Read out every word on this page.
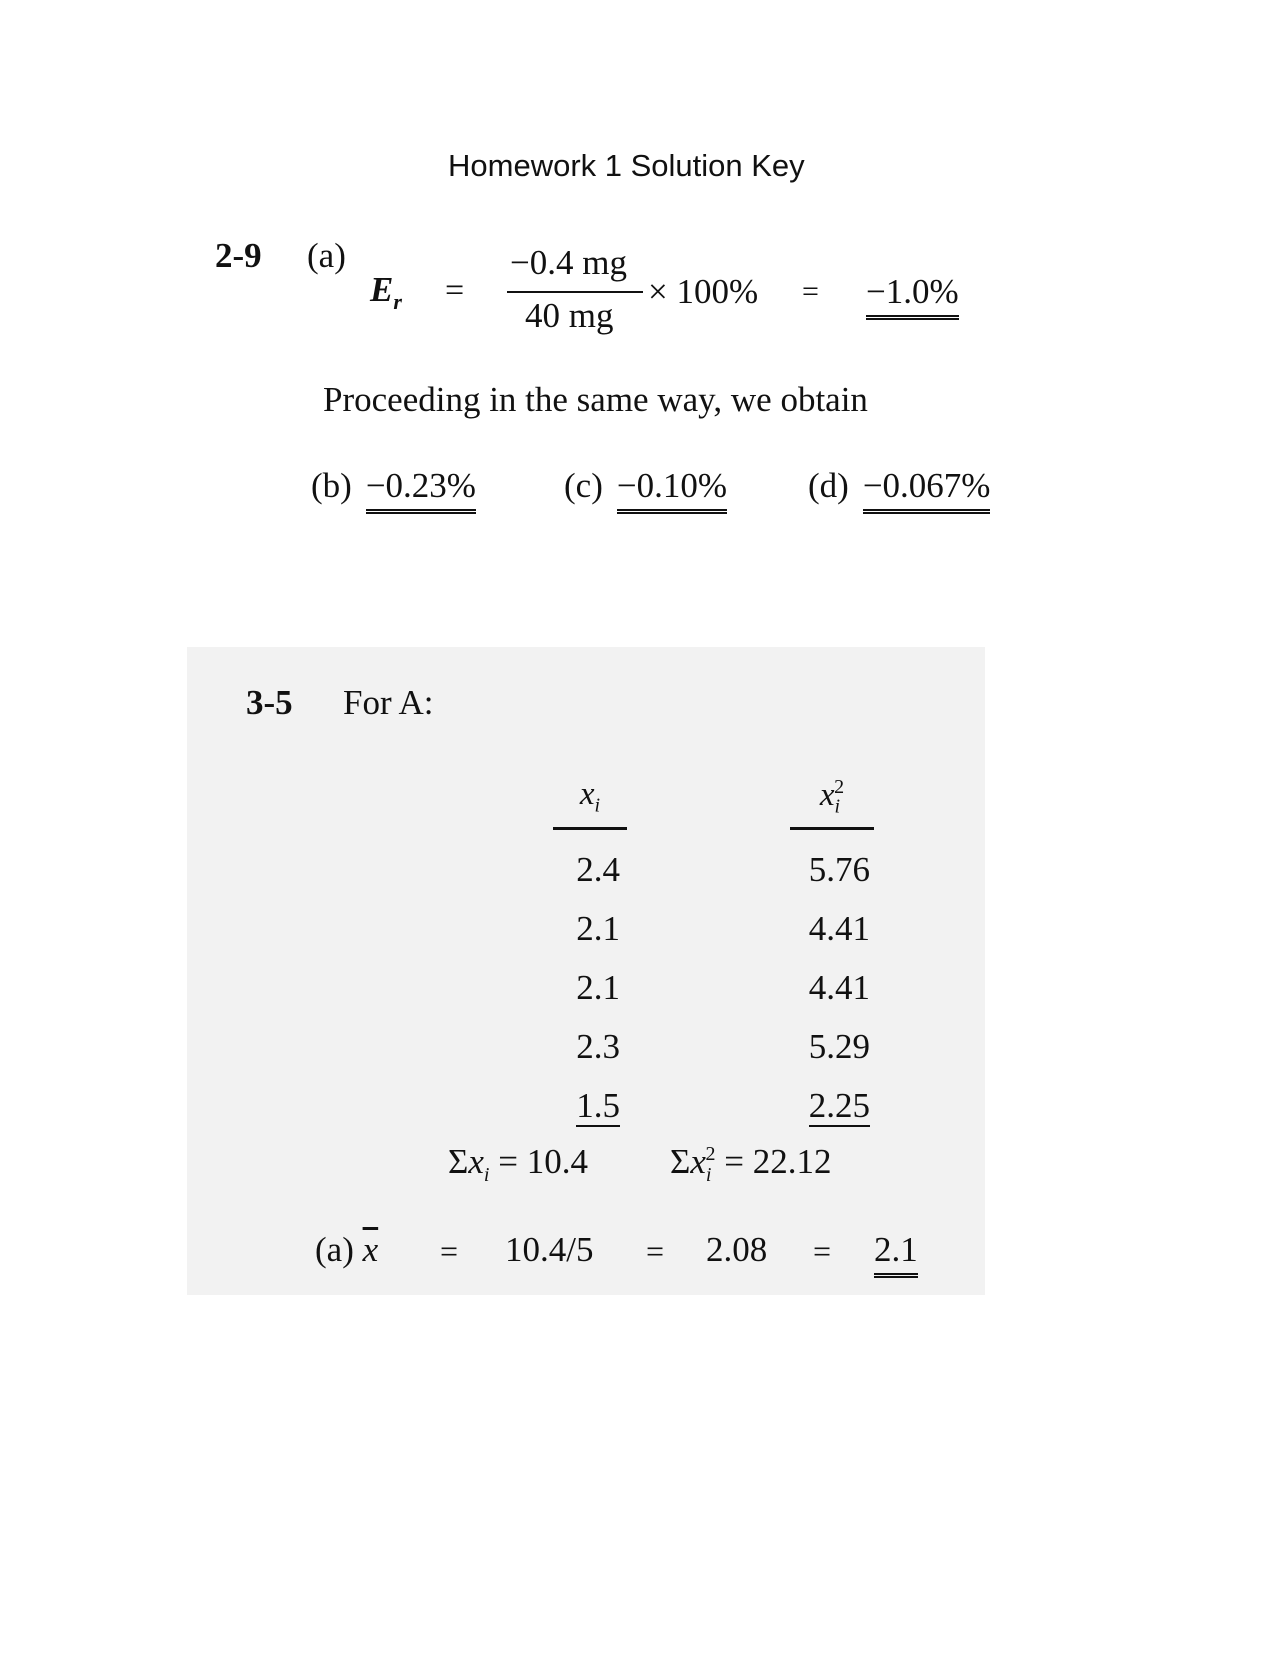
Homework 1 Solution Key
2-9 (a)
$E_r$ =
−0.4 mg
40 mg
× 100% = −1.0%
Proceeding in the same way, we obtain
(b) −0.23%	(c) −0.10% (d) −0.067%
3-5 For A:
$x_i$	$x_i^2$
2.4	5.76
2.1	4.41
2.1	4.41
2.3	5.29
1.5	2.25
$\Sigma x_i = 10.4$ $\Sigma x_i^2 = 22.12$
(a) $\overline{x} = 10.4/5 = 2.08 = 2.1$
